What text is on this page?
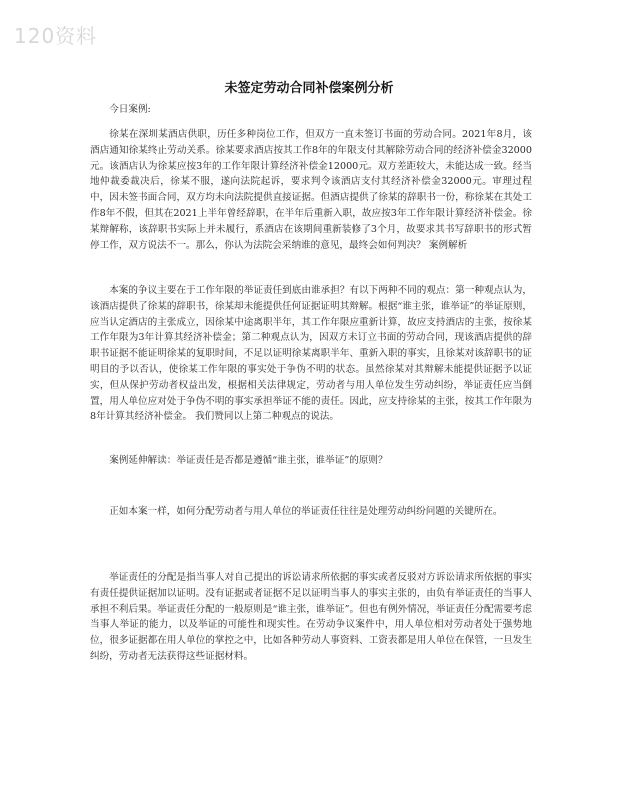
120资料
未签定劳动合同补偿案例分析

今日案例:

徐某在深圳某酒店供职，历任多种岗位工作，但双方一直未签订书面的劳动合同。2021年8月，该酒店通知徐某终止劳动关系。徐某要求酒店按其工作8年的年限支付其解除劳动合同的经济补偿金32000元。该酒店认为徐某应按3年的工作年限计算经济补偿金12000元。双方差距较大，未能达成一致。经当地仲裁委裁决后，徐某不服，遂向法院起诉，要求判令该酒店支付其经济补偿金32000元。审理过程中，因未签书面合同，双方均未向法院提供直接证据。但酒店提供了徐某的辞职书一份，称徐某在其处工作8年不假，但其在2021上半年曾经辞职，在半年后重新入职，故应按3年工作年限计算经济补偿金。徐某辩解称，该辞职书实际上并未履行，系酒店在该期间重新装修了3个月，故要求其书写辞职书的形式暂停工作，双方说法不一。那么，你认为法院会采纳谁的意见，最终会如何判决？ 案例解析

本案的争议主要在于工作年限的举证责任到底由谁承担？有以下两种不同的观点：第一种观点认为，该酒店提供了徐某的辞职书，徐某却未能提供任何证据证明其辩解。根据“谁主张，谁举证”的举证原则，应当认定酒店的主张成立，因徐某中途离职半年，其工作年限应重新计算，故应支持酒店的主张，按徐某工作年限为3年计算其经济补偿金；第二种观点认为，因双方未订立书面的劳动合同，现该酒店提供的辞职书证据不能证明徐某的复职时间，不足以证明徐某离职半年、重新入职的事实，且徐某对该辞职书的证明目的予以否认，使徐某工作年限的事实处于争伪不明的状态。虽然徐某对其辩解未能提供证据予以证实，但从保护劳动者权益出发，根据相关法律规定，劳动者与用人单位发生劳动纠纷，举证责任应当倒置，用人单位应对处于争伪不明的事实承担举证不能的责任。因此，应支持徐某的主张，按其工作年限为8年计算其经济补偿金。 我们赞同以上第二种观点的说法。

案例延伸解读：举证责任是否都是遵循“谁主张，谁举证”的原则？

正如本案一样，如何分配劳动者与用人单位的举证责任往往是处理劳动纠纷问题的关键所在。

举证责任的分配是指当事人对自己提出的诉讼请求所依据的事实或者反驳对方诉讼请求所依据的事实有责任提供证据加以证明。没有证据或者证据不足以证明当事人的事实主张的，由负有举证责任的当事人承担不利后果。举证责任分配的一般原则是“谁主张，谁举证”。但也有例外情况，举证责任分配需要考虑当事人举证的能力，以及举证的可能性和现实性。在劳动争议案件中，用人单位相对劳动者处于强势地位，很多证据都在用人单位的掌控之中，比如各种劳动人事资料、工资表都是用人单位在保管，一旦发生纠纷，劳动者无法获得这些证据材料。
